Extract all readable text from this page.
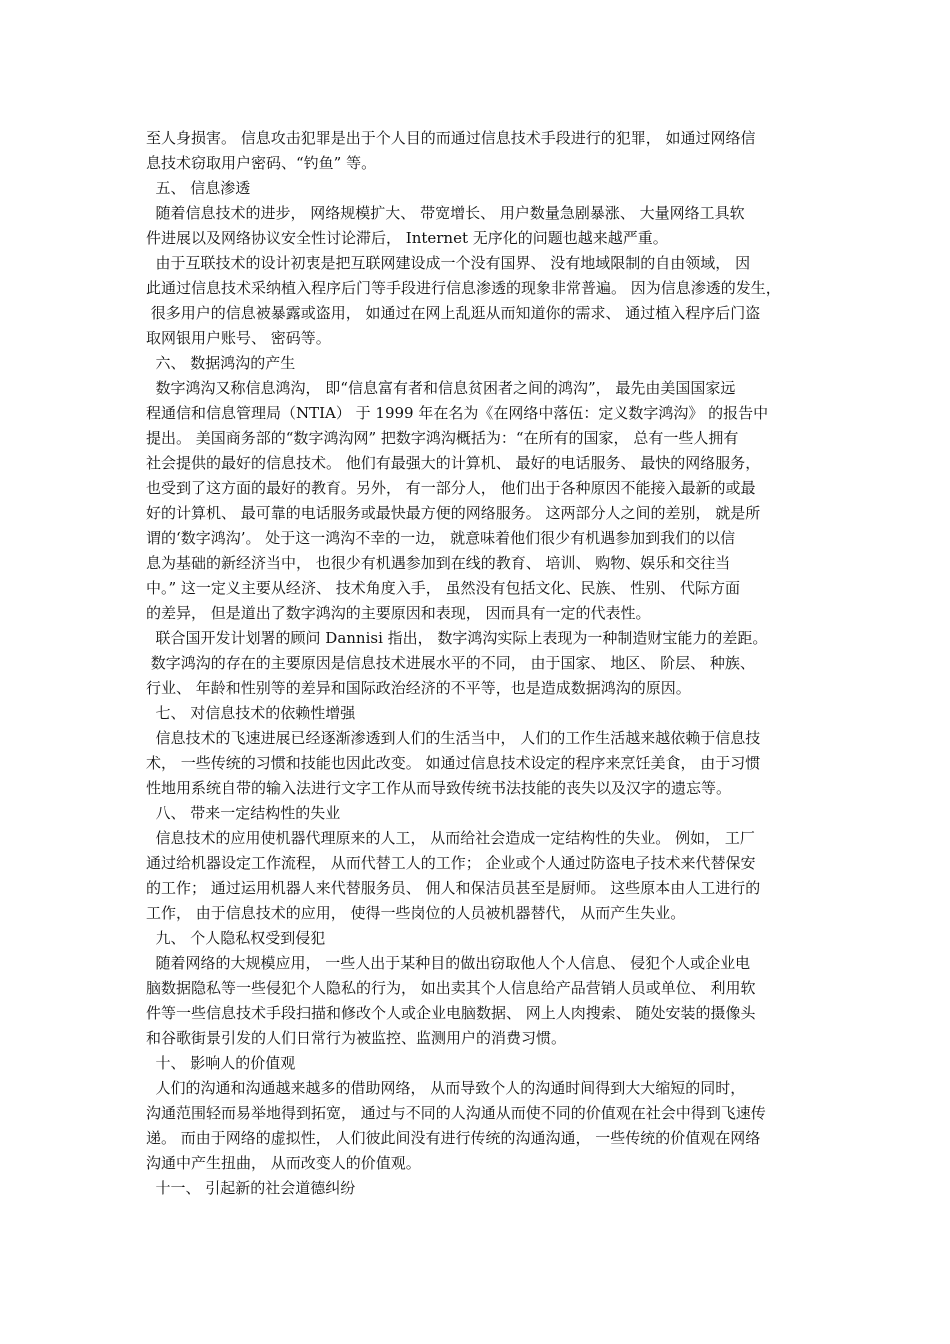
至人身损害。 信息攻击犯罪是出于个人目的而通过信息技术手段进行的犯罪， 如通过网络信
息技术窃取用户密码、“钓鱼” 等。
五、 信息渗透
随着信息技术的进步， 网络规模扩大、 带宽增长、 用户数量急剧暴涨、 大量网络工具软
件进展以及网络协议安全性讨论滞后， Internet 无序化的问题也越来越严重。
由于互联技术的设计初衷是把互联网建设成一个没有国界、 没有地域限制的自由领域， 因
此通过信息技术采纳植入程序后门等手段进行信息渗透的现象非常普遍。 因为信息渗透的发生，
很多用户的信息被暴露或盗用， 如通过在网上乱逛从而知道你的需求、 通过植入程序后门盗
取网银用户账号、 密码等。
六、 数据鸿沟的产生
数字鸿沟又称信息鸿沟， 即“信息富有者和信息贫困者之间的鸿沟”， 最先由美国国家远
程通信和信息管理局（NTIA） 于 1999 年在名为《在网络中落伍：定义数字鸿沟》 的报告中
提出。 美国商务部的“数字鸿沟网” 把数字鸿沟概括为：“在所有的国家， 总有一些人拥有
社会提供的最好的信息技术。 他们有最强大的计算机、 最好的电话服务、 最快的网络服务，
也受到了这方面的最好的教育。另外， 有一部分人， 他们出于各种原因不能接入最新的或最
好的计算机、 最可靠的电话服务或最快最方便的网络服务。 这两部分人之间的差别， 就是所
谓的‘数字鸿沟’。 处于这一鸿沟不幸的一边， 就意味着他们很少有机遇参加到我们的以信
息为基础的新经济当中， 也很少有机遇参加到在线的教育、 培训、 购物、娱乐和交往当
中。” 这一定义主要从经济、 技术角度入手， 虽然没有包括文化、民族、 性别、 代际方面
的差异， 但是道出了数字鸿沟的主要原因和表现， 因而具有一定的代表性。
联合国开发计划署的顾问 Dannisi 指出， 数字鸿沟实际上表现为一种制造财宝能力的差距。
数字鸿沟的存在的主要原因是信息技术进展水平的不同， 由于国家、 地区、 阶层、 种族、
行业、 年龄和性别等的差异和国际政治经济的不平等，也是造成数据鸿沟的原因。
七、 对信息技术的依赖性增强
信息技术的飞速进展已经逐渐渗透到人们的生活当中， 人们的工作生活越来越依赖于信息技
术， 一些传统的习惯和技能也因此改变。 如通过信息技术设定的程序来烹饪美食， 由于习惯
性地用系统自带的输入法进行文字工作从而导致传统书法技能的丧失以及汉字的遗忘等。
八、 带来一定结构性的失业
信息技术的应用使机器代理原来的人工， 从而给社会造成一定结构性的失业。 例如， 工厂
通过给机器设定工作流程， 从而代替工人的工作； 企业或个人通过防盗电子技术来代替保安
的工作； 通过运用机器人来代替服务员、 佣人和保洁员甚至是厨师。 这些原本由人工进行的
工作， 由于信息技术的应用， 使得一些岗位的人员被机器替代， 从而产生失业。
九、 个人隐私权受到侵犯
随着网络的大规模应用， 一些人出于某种目的做出窃取他人个人信息、 侵犯个人或企业电
脑数据隐私等一些侵犯个人隐私的行为， 如出卖其个人信息给产品营销人员或单位、 利用软
件等一些信息技术手段扫描和修改个人或企业电脑数据、 网上人肉搜索、 随处安装的摄像头
和谷歌街景引发的人们日常行为被监控、监测用户的消费习惯。
十、 影响人的价值观
人们的沟通和沟通越来越多的借助网络， 从而导致个人的沟通时间得到大大缩短的同时，
沟通范围轻而易举地得到拓宽， 通过与不同的人沟通从而使不同的价值观在社会中得到飞速传
递。 而由于网络的虚拟性， 人们彼此间没有进行传统的沟通沟通， 一些传统的价值观在网络
沟通中产生扭曲， 从而改变人的价值观。
十一、 引起新的社会道德纠纷
